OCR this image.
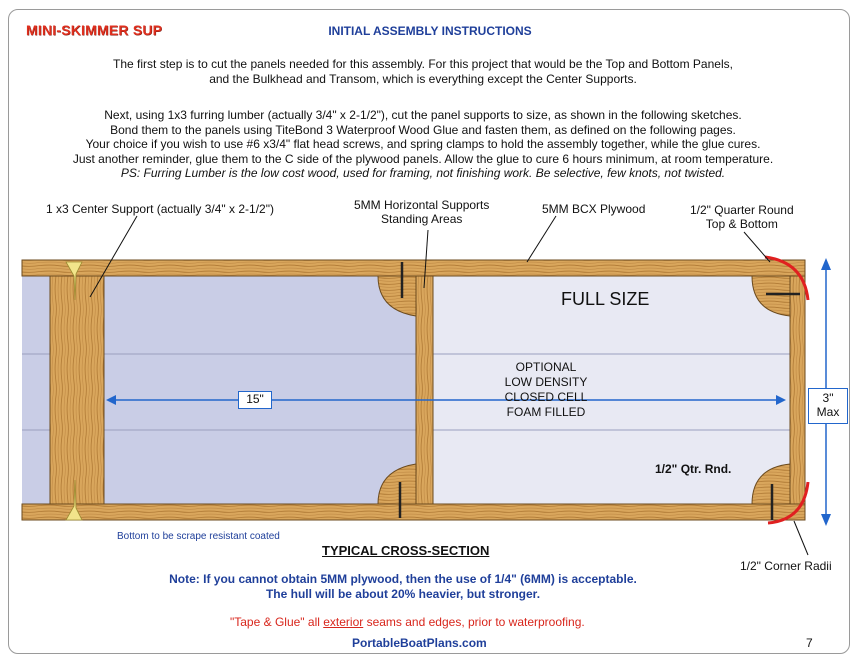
MINI-SKIMMER SUP	INITIAL ASSEMBLY INSTRUCTIONS
The first step is to cut the panels needed for this assembly. For this project that would be the Top and Bottom Panels,
and the Bulkhead and Transom, which is everything except the Center Supports.
Next, using 1x3 furring lumber (actually 3/4" x 2-1/2"), cut the panel supports to size, as shown in the following sketches.
Bond them to the panels using TiteBond 3 Waterproof Wood Glue and fasten them, as defined on the following pages.
Your choice if you wish to use #6 x3/4" flat head screws, and spring clamps to hold the assembly together, while the glue cures.
Just another reminder, glue them to the C side of the plywood panels. Allow the glue to cure 6 hours minimum, at room temperature.
PS: Furring Lumber is the low cost wood, used for framing, not finishing work. Be selective, few knots, not twisted.
1 x3 Center Support (actually 3/4" x 2-1/2")	5MM Horizontal Supports
Standing Areas
5MM BCX Plywood	1/2" Quarter Round
Top & Bottom
FULL SIZE
OPTIONAL
LOW DENSITY
CLOSED CELL
FOAM FILLED
15"	3"
Max
1/2" Qtr. Rnd.
Bottom to be scrape resistant coated
TYPICAL CROSS-SECTION
1/2" Corner Radii
Note: If you cannot obtain 5MM plywood, then the use of 1/4" (6MM) is acceptable.
The hull will be about 20% heavier, but stronger.
"Tape & Glue" all exterior seams and edges, prior to waterproofing.
PortableBoatPlans.com	7
